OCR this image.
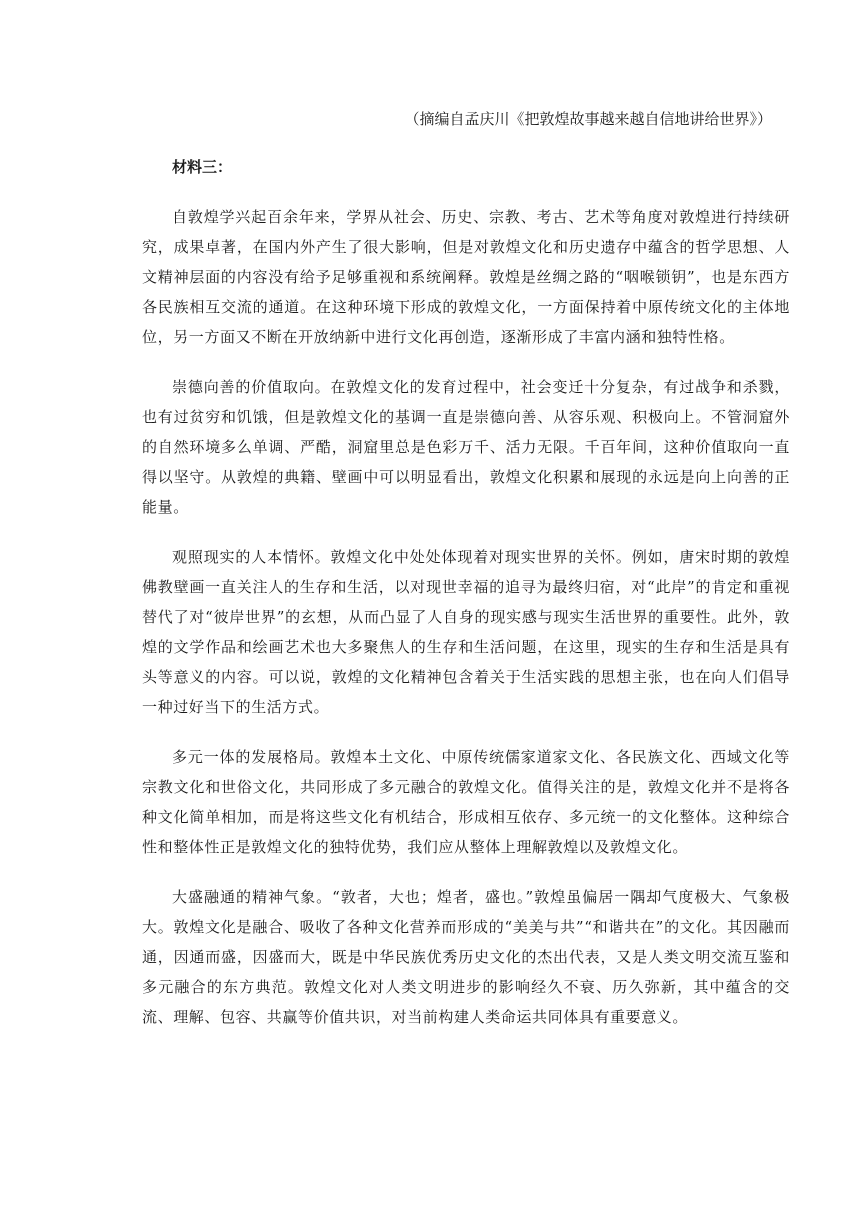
（摘编自孟庆川《把敦煌故事越来越自信地讲给世界》）
材料三：

自敦煌学兴起百余年来，学界从社会、历史、宗教、考古、艺术等角度对敦煌进行持续研究，成果卓著，在国内外产生了很大影响，但是对敦煌文化和历史遗存中蕴含的哲学思想、人文精神层面的内容没有给予足够重视和系统阐释。敦煌是丝绸之路的“咽喉锁钥”，也是东西方各民族相互交流的通道。在这种环境下形成的敦煌文化，一方面保持着中原传统文化的主体地位，另一方面又不断在开放纳新中进行文化再创造，逐渐形成了丰富内涵和独特性格。

崇德向善的价值取向。在敦煌文化的发育过程中，社会变迁十分复杂，有过战争和杀戮，也有过贫穷和饥饿，但是敦煌文化的基调一直是崇德向善、从容乐观、积极向上。不管洞窟外的自然环境多么单调、严酷，洞窟里总是色彩万千、活力无限。千百年间，这种价值取向一直得以坚守。从敦煌的典籍、壁画中可以明显看出，敦煌文化积累和展现的永远是向上向善的正能量。

观照现实的人本情怀。敦煌文化中处处体现着对现实世界的关怀。例如，唐宋时期的敦煌佛教壁画一直关注人的生存和生活，以对现世幸福的追寻为最终归宿，对“此岸”的肯定和重视替代了对“彼岸世界”的玄想，从而凸显了人自身的现实感与现实生活世界的重要性。此外，敦煌的文学作品和绘画艺术也大多聚焦人的生存和生活问题，在这里，现实的生存和生活是具有头等意义的内容。可以说，敦煌的文化精神包含着关于生活实践的思想主张，也在向人们倡导一种过好当下的生活方式。

多元一体的发展格局。敦煌本土文化、中原传统儒家道家文化、各民族文化、西域文化等宗教文化和世俗文化，共同形成了多元融合的敦煌文化。值得关注的是，敦煌文化并不是将各种文化简单相加，而是将这些文化有机结合，形成相互依存、多元统一的文化整体。这种综合性和整体性正是敦煌文化的独特优势，我们应从整体上理解敦煌以及敦煌文化。

大盛融通的精神气象。“敦者，大也；煌者，盛也。”敦煌虽偏居一隅却气度极大、气象极大。敦煌文化是融合、吸收了各种文化营养而形成的“美美与共”“和谐共在”的文化。其因融而通，因通而盛，因盛而大，既是中华民族优秀历史文化的杰出代表，又是人类文明交流互鉴和多元融合的东方典范。敦煌文化对人类文明进步的影响经久不衰、历久弥新，其中蕴含的交流、理解、包容、共赢等价值共识，对当前构建人类命运共同体具有重要意义。
